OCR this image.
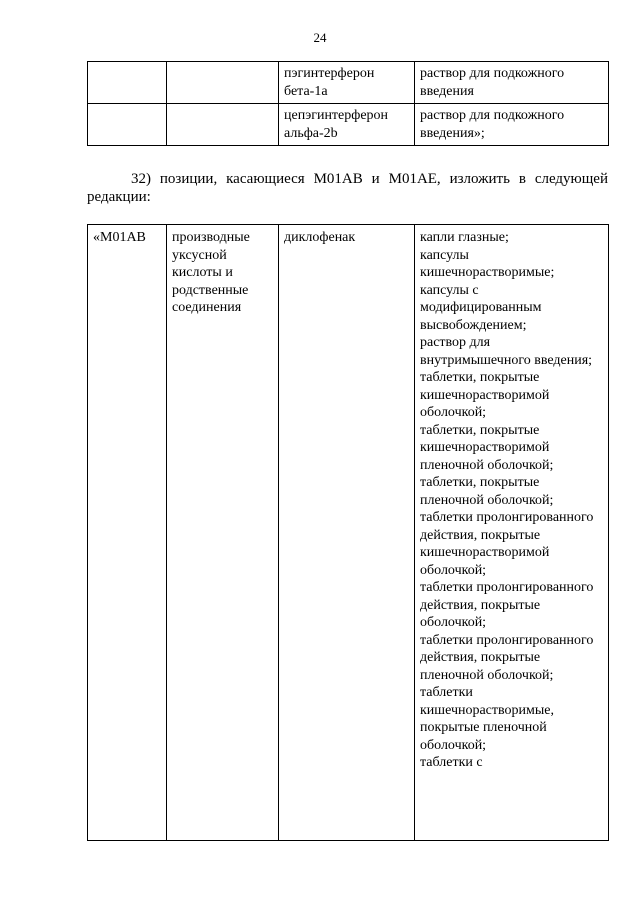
24
		пэгинтерферон бета-1a	раствор для подкожного введения

		цепэгинтерферон альфа-2b	раствор для подкожного введения»;
32) позиции, касающиеся М01АВ и М01АЕ, изложить в следующей редакции:
«М01АВ	производные уксусной кислоты и родственные соединения	диклофенак	капли глазные;
капсулы кишечнорастворимые;
капсулы с модифицированным высвобождением;
раствор для внутримышечного введения;
таблетки, покрытые кишечнорастворимой оболочкой;
таблетки, покрытые кишечнорастворимой пленочной оболочкой;
таблетки, покрытые пленочной оболочкой;
таблетки пролонгированного действия, покрытые кишечнорастворимой оболочкой;
таблетки пролонгированного действия, покрытые оболочкой;
таблетки пролонгированного действия, покрытые пленочной оболочкой;
таблетки кишечнорастворимые, покрытые пленочной оболочкой;
таблетки с
